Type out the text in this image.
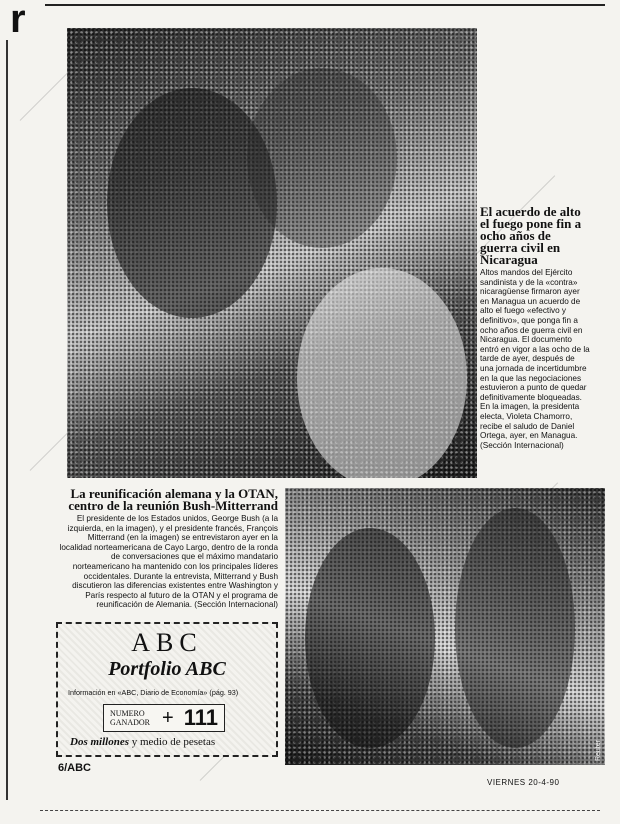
r
El acuerdo de alto el fuego pone fin a ocho años de guerra civil en Nicaragua

Altos mandos del Ejército sandinista y de la «contra» nicaragüense firmaron ayer en Managua un acuerdo de alto el fuego «efectivo y definitivo», que ponga fin a ocho años de guerra civil en Nicaragua. El documento entró en vigor a las ocho de la tarde de ayer, después de una jornada de incertidumbre en la que las negociaciones estuvieron a punto de quedar definitivamente bloqueadas. En la imagen, la presidenta electa, Violeta Chamorro, recibe el saludo de Daniel Ortega, ayer, en Managua. (Sección Internacional)

La reunificación alemana y la OTAN, centro de la reunión Bush-Mitterrand

El presidente de los Estados unidos, George Bush (a la izquierda, en la imagen), y el presidente francés, François Mitterrand (en la imagen) se entrevistaron ayer en la localidad norteamericana de Cayo Largo, dentro de la ronda de conversaciones que el máximo mandatario norteamericano ha mantenido con los principales líderes occidentales. Durante la entrevista, Mitterrand y Bush discutieron las diferencias existentes entre Washington y París respecto al futuro de la OTAN y el programa de reunificación de Alemania. (Sección Internacional)

Reuter
ABC
Portfolio ABC
Información en «ABC, Diario de Economía» (pág. 93)
NUMERO GANADOR + 111
Dos millones y medio de pesetas
6/ABC
VIERNES 20-4-90
